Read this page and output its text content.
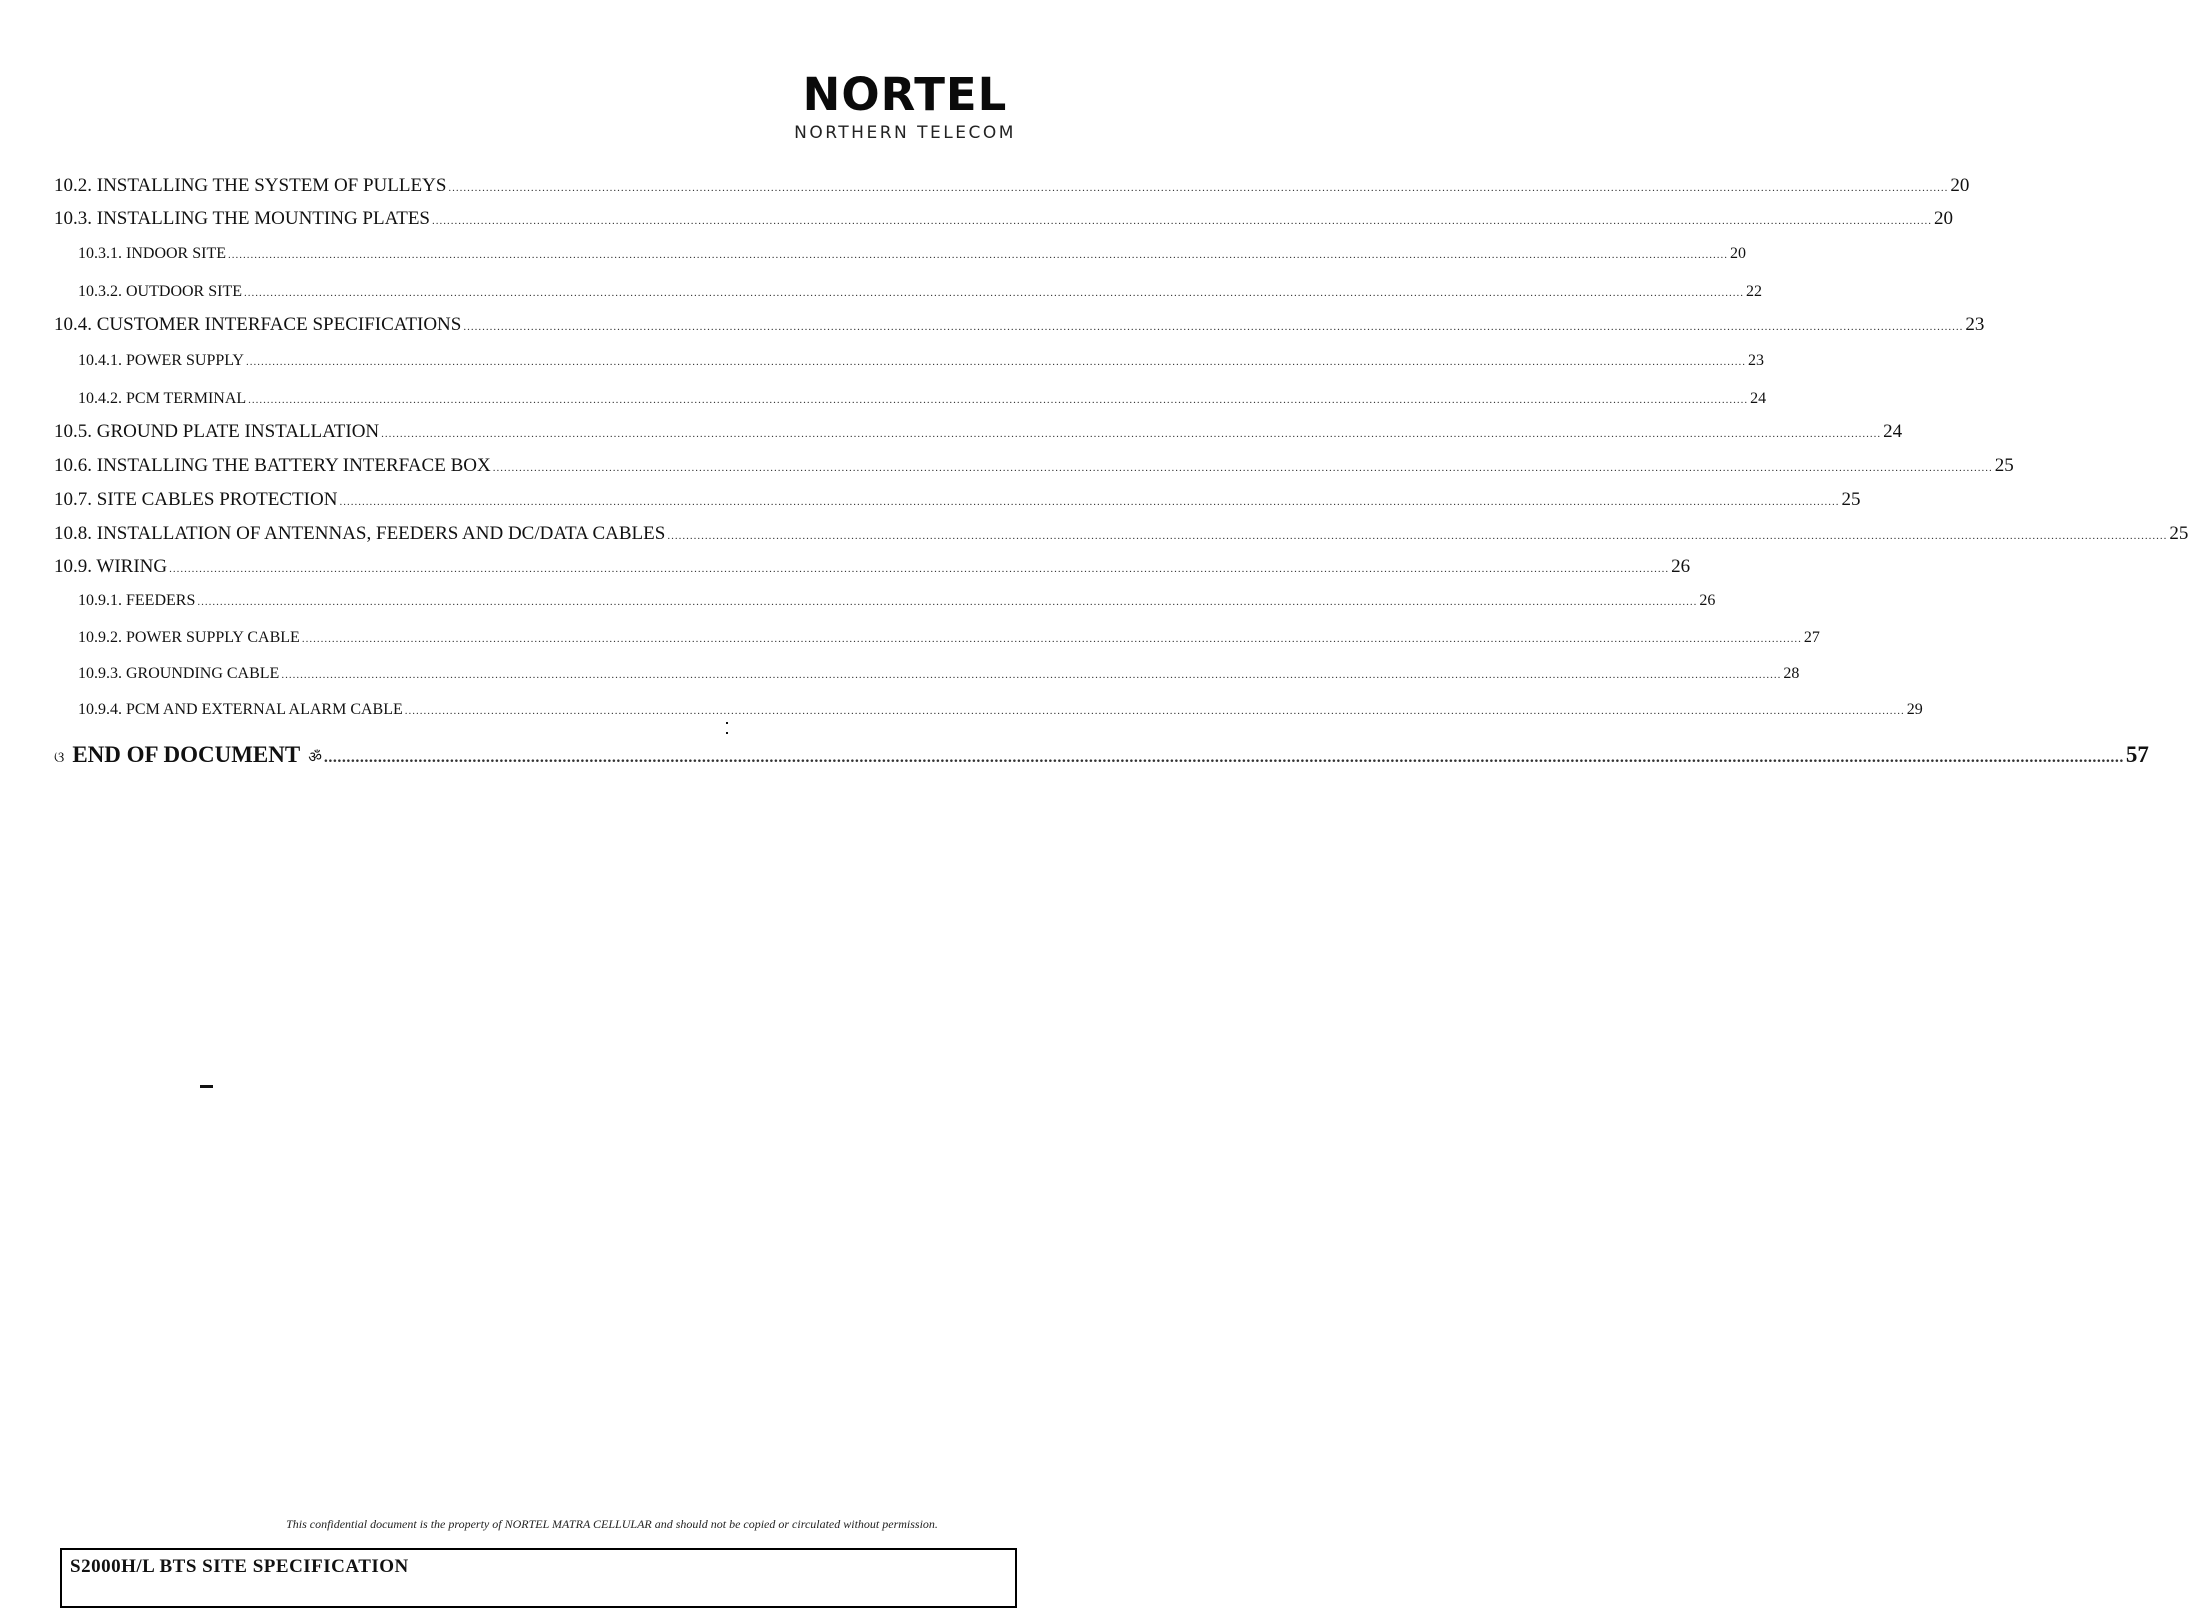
NORTEL
NORTHERN TELECOM
10.2. INSTALLING THE SYSTEM OF PULLEYS ................................................................................................................................................................................................................................................................................................................................................................................................................ 20
10.3. INSTALLING THE MOUNTING PLATES ................................................................................................................................................................................................................................................................................................................................................................................................................ 20
10.3.1. INDOOR SITE ................................................................................................................................................................................................................................................................................................................................................................................................................ 20
10.3.2. OUTDOOR SITE ................................................................................................................................................................................................................................................................................................................................................................................................................ 22
10.4. CUSTOMER INTERFACE SPECIFICATIONS ................................................................................................................................................................................................................................................................................................................................................................................................................ 23
10.4.1. POWER SUPPLY ................................................................................................................................................................................................................................................................................................................................................................................................................ 23
10.4.2. PCM TERMINAL ................................................................................................................................................................................................................................................................................................................................................................................................................ 24
10.5. GROUND PLATE INSTALLATION ................................................................................................................................................................................................................................................................................................................................................................................................................ 24
10.6. INSTALLING THE BATTERY INTERFACE BOX ................................................................................................................................................................................................................................................................................................................................................................................................................ 25
10.7. SITE CABLES PROTECTION ................................................................................................................................................................................................................................................................................................................................................................................................................ 25
10.8. INSTALLATION OF ANTENNAS, FEEDERS AND DC/DATA CABLES ................................................................................................................................................................................................................................................................................................................................................................................................................ 25
10.9. WIRING ................................................................................................................................................................................................................................................................................................................................................................................................................ 26
10.9.1. FEEDERS ................................................................................................................................................................................................................................................................................................................................................................................................................ 26
10.9.2. POWER SUPPLY CABLE ................................................................................................................................................................................................................................................................................................................................................................................................................ 27
10.9.3. GROUNDING CABLE ................................................................................................................................................................................................................................................................................................................................................................................................................ 28
10.9.4. PCM AND EXTERNAL ALARM CABLE ................................................................................................................................................................................................................................................................................................................................................................................................................ 29
ଓ END OF DOCUMENT ॐ ................................................................................................................................................................................................................................................................................................................................................................................................................ 57
This confidential document is the property of NORTEL MATRA CELLULAR and should not be copied or circulated without permission.
S2000H/L BTS SITE SPECIFICATION
